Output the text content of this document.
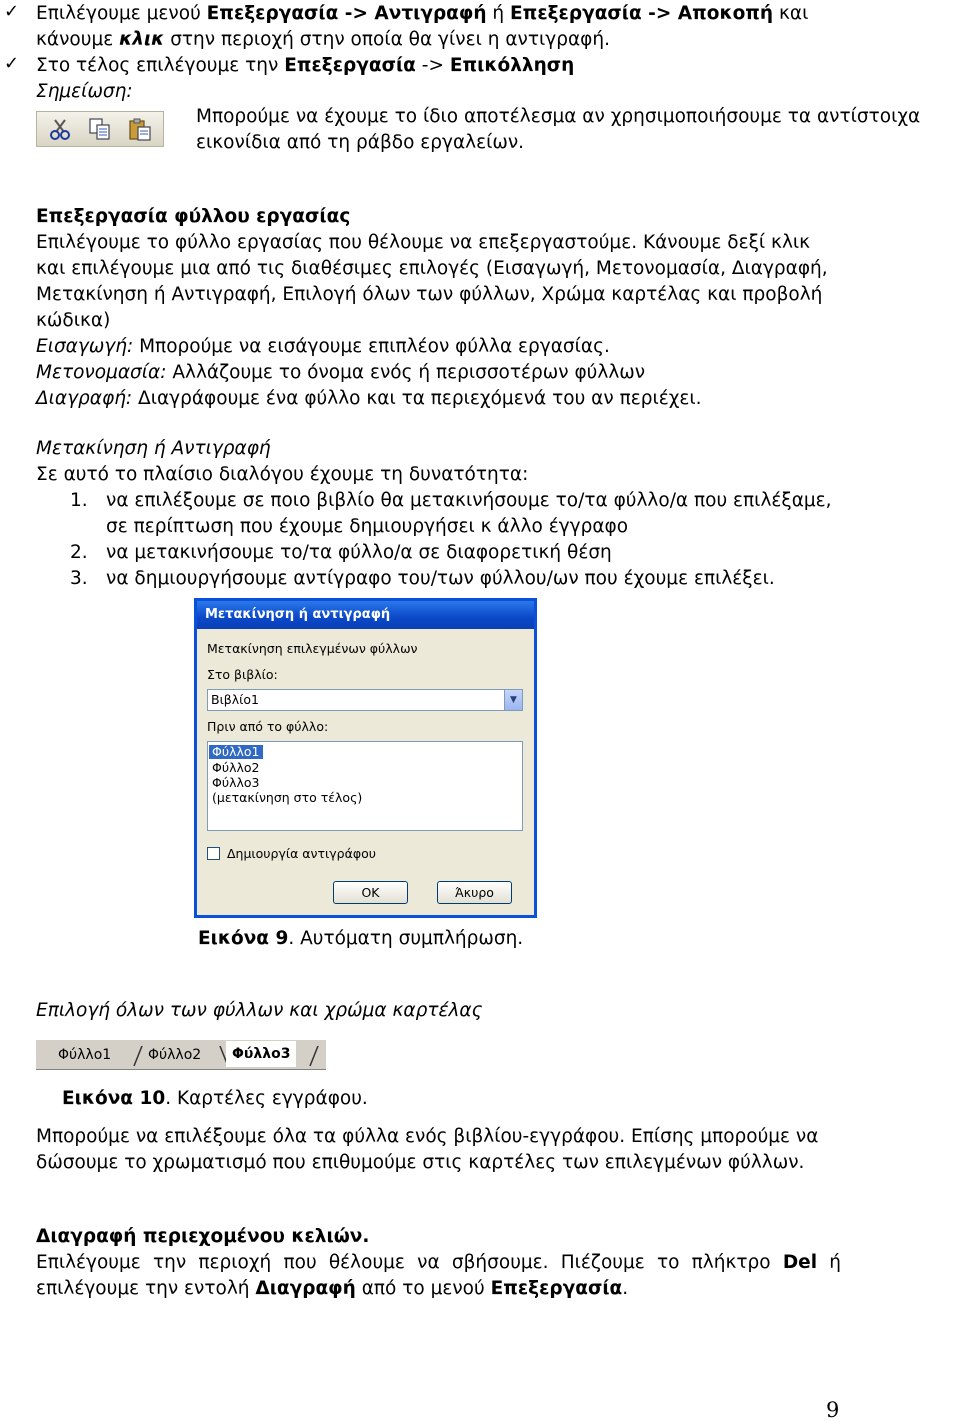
✓ Επιλέγουμε μενού Επεξεργασία -> Αντιγραφή ή Επεξεργασία -> Αποκοπή και
κάνουμε κλικ στην περιοχή στην οποία θα γίνει η αντιγραφή.
✓ Στο τέλος επιλέγουμε την Επεξεργασία -> Επικόλληση
Σημείωση:
Μπορούμε να έχουμε το ίδιο αποτέλεσμα αν χρησιμοποιήσουμε τα αντίστοιχα
εικονίδια από τη ράβδο εργαλείων.
Επεξεργασία φύλλου εργασίας
Επιλέγουμε το φύλλο εργασίας που θέλουμε να επεξεργαστούμε. Κάνουμε δεξί κλικ
και επιλέγουμε μια από τις διαθέσιμες επιλογές (Εισαγωγή, Μετονομασία, Διαγραφή,
Μετακίνηση ή Αντιγραφή, Επιλογή όλων των φύλλων, Χρώμα καρτέλας και προβολή
κώδικα)
Εισαγωγή: Μπορούμε να εισάγουμε επιπλέον φύλλα εργασίας.
Μετονομασία: Αλλάζουμε το όνομα ενός ή περισσοτέρων φύλλων
Διαγραφή: Διαγράφουμε ένα φύλλο και τα περιεχόμενά του αν περιέχει.
Μετακίνηση ή Αντιγραφή
Σε αυτό το πλαίσιο διαλόγου έχουμε τη δυνατότητα:
1. να επιλέξουμε σε ποιο βιβλίο θα μετακινήσουμε το/τα φύλλο/α που επιλέξαμε,
σε περίπτωση που έχουμε δημιουργήσει κ άλλο έγγραφο
2. να μετακινήσουμε το/τα φύλλο/α σε διαφορετική θέση
3. να δημιουργήσουμε αντίγραφο του/των φύλλου/ων που έχουμε επιλέξει.
Μετακίνηση ή αντιγραφή
Μετακίνηση επιλεγμένων φύλλων
Στο βιβλίο:
Βιβλίο1	▼
Πριν από το φύλλο:
Φύλλο1
Φύλλο2
Φύλλο3
(μετακίνηση στο τέλος)
Δημιουργία αντιγράφου
OK	Άκυρο
Εικόνα 9. Αυτόματη συμπλήρωση.
Επιλογή όλων των φύλλων και χρώμα καρτέλας
Φύλλο1	Φύλλο2	Φύλλο3
Εικόνα 10. Καρτέλες εγγράφου.
Μπορούμε να επιλέξουμε όλα τα φύλλα ενός βιβλίου-εγγράφου. Επίσης μπορούμε να
δώσουμε το χρωματισμό που επιθυμούμε στις καρτέλες των επιλεγμένων φύλλων.
Διαγραφή περιεχομένου κελιών.
Επιλέγουμε την περιοχή που θέλουμε να σβήσουμε. Πιέζουμε το πλήκτρο Del ή
επιλέγουμε την εντολή Διαγραφή από το μενού Επεξεργασία.
9
